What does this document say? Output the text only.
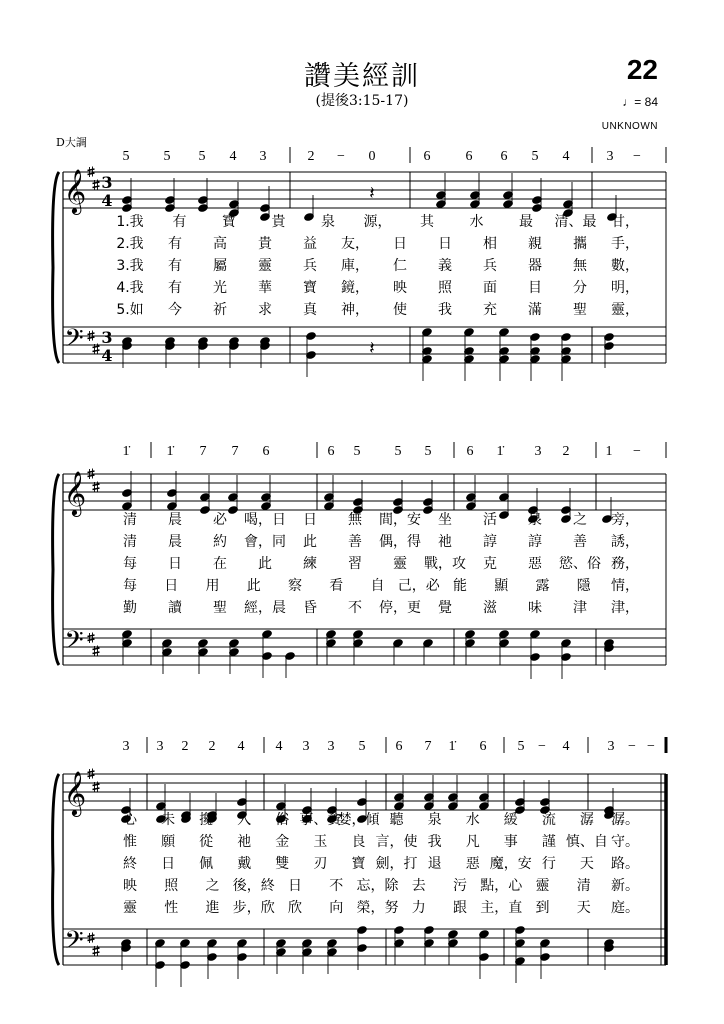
讚美經訓
(提後3:15-17)
22
♩= 84
UNKNOWN
D大調
𝄞
𝄢
3
4
3
4
𝄽
𝄽
5 5 5 4 3	2 − 0	6	6 6 5 4	3 −
1.我 有	寶	貴	泉 源， 其	水	最 清、最 甘，
2.我 有 高 貴 益 友， 日 日 相 親 攜 手，
3.我 有 屬 靈 兵 庫， 仁 義 兵 器 無 數，
4.我 有 光 華 寶 鏡， 映 照 面 目 分 明，
5.如 今 祈 求 真 神， 使 我 充 滿 聖 靈，
𝄞
𝄢
1̇	1̇ 7 7 6	6 5 5 5	6 1̇ 3 2	1 −
清 晨 必 喝，日 日 無 間，安 坐 活 泉 之 旁，
清 晨 約 會，同 此 善 偶，得 祂 諄 諄 善 誘，
每 日 在 此 練 習 靈 戰，攻 克 惡 慾、俗 務，
每 日 用 此 察 看 自 己，必 能 顯 露 隱 情，
勤 讀 聖 經，晨 昏 不 停，更 覺 滋 味 津 津，
𝄞
𝄢
3 3 2 2 4 4 3 3 5 6 7 1̇ 6 5 − 4	3 − −
心 未 攙 入 俗 事、貪
婪，傾 聽 泉 水 緩 流 潺 潺。
惟 願 從 祂 金 玉 良 言，使 我 凡 事 謹 慎、自 守。
終 日 佩 戴 雙 刃 寶 劍，打 退 惡 魔，安 行 天 路。
映 照 之 後，終 日 不 忘，除 去 污 點，心 靈 清 新。
靈 性 進 步，欣 欣 向 榮，努 力 跟 主，直 到 天 庭。
